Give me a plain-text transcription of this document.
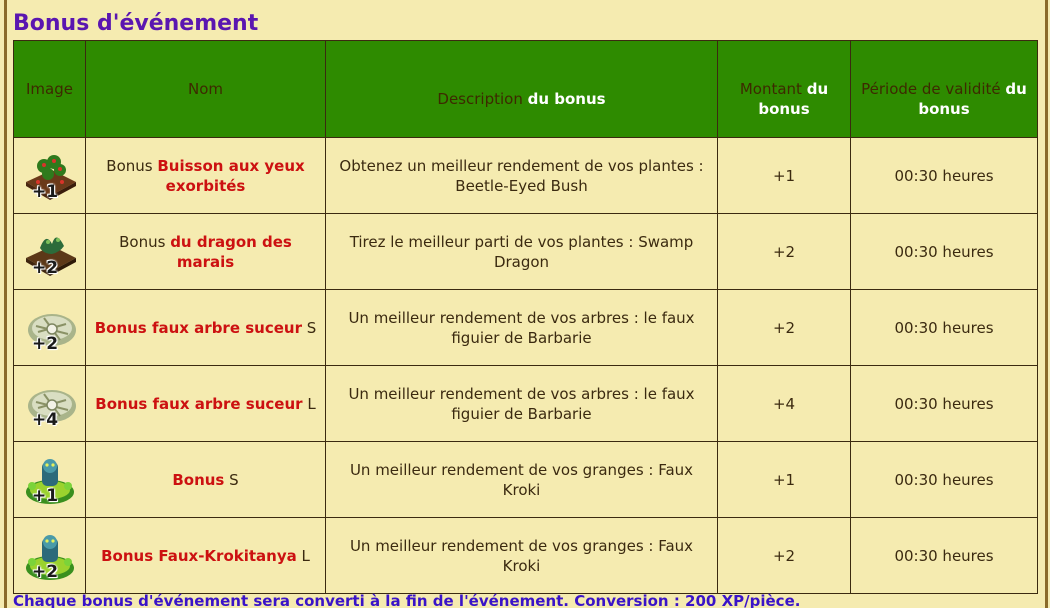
Bonus d'événement
Image	Nom	Description du bonus	Montant du bonus	Période de validité du bonus

+1	Bonus Buisson aux yeux exorbités	Obtenez un meilleur rendement de vos plantes : Beetle-Eyed Bush	+1	00:30 heures

+2	Bonus du dragon des marais	Tirez le meilleur parti de vos plantes : Swamp Dragon	+2	00:30 heures

+2	Bonus faux arbre suceur S	Un meilleur rendement de vos arbres : le faux figuier de Barbarie	+2	00:30 heures

+4	Bonus faux arbre suceur L	Un meilleur rendement de vos arbres : le faux figuier de Barbarie	+4	00:30 heures

+1	Bonus S	Un meilleur rendement de vos granges : Faux Kroki	+1	00:30 heures

+2	Bonus Faux-Krokitanya L	Un meilleur rendement de vos granges : Faux Kroki	+2	00:30 heures
Chaque bonus d'événement sera converti à la fin de l'événement. Conversion : 200 XP/pièce.
